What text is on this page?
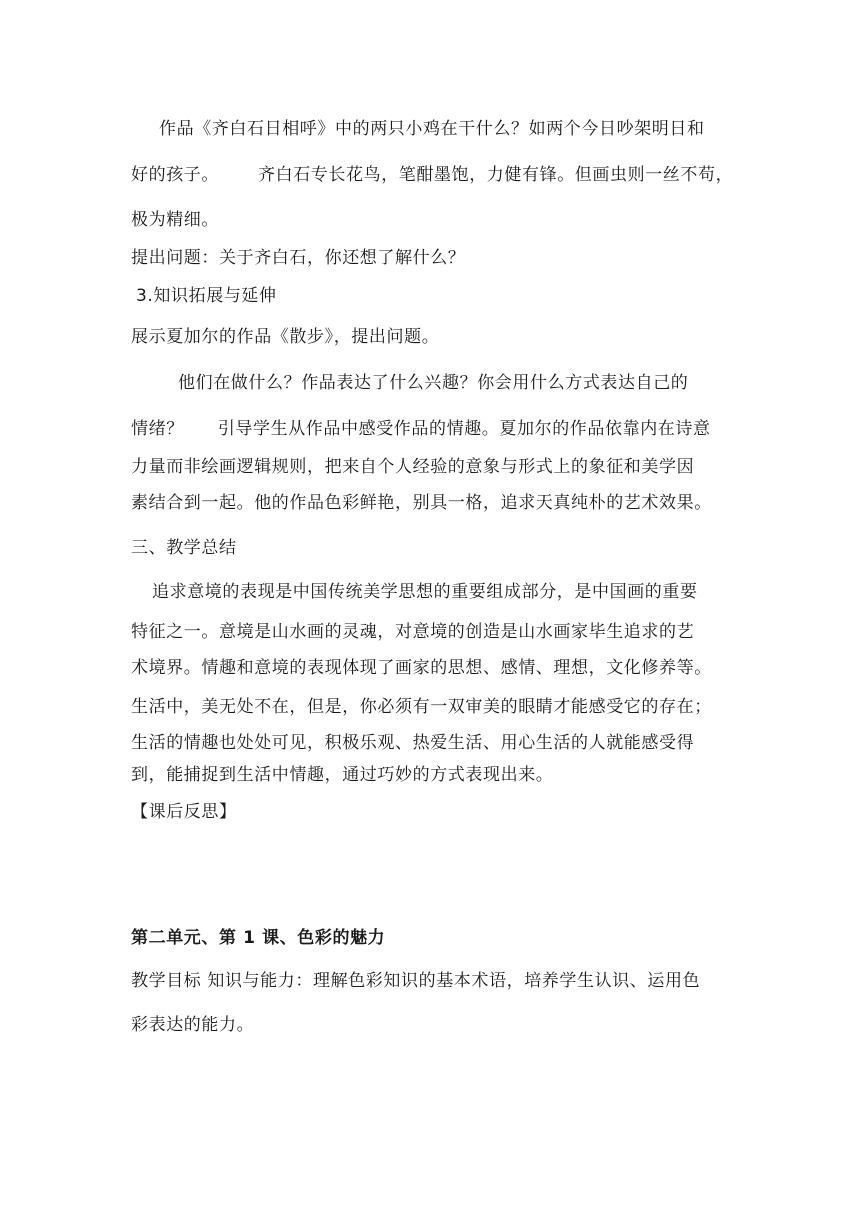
作品《齐白石日相呼》中的两只小鸡在干什么？如两个今日吵架明日和
好的孩子。 齐白石专长花鸟，笔酣墨饱，力健有锋。但画虫则一丝不苟，
极为精细。
提出问题：关于齐白石，你还想了解什么？
3.知识拓展与延伸
展示夏加尔的作品《散步》，提出问题。
他们在做什么？作品表达了什么兴趣？你会用什么方式表达自己的
情绪？ 引导学生从作品中感受作品的情趣。夏加尔的作品依靠内在诗意
力量而非绘画逻辑规则，把来自个人经验的意象与形式上的象征和美学因
素结合到一起。他的作品色彩鲜艳，别具一格，追求天真纯朴的艺术效果。
三、教学总结
追求意境的表现是中国传统美学思想的重要组成部分，是中国画的重要
特征之一。意境是山水画的灵魂，对意境的创造是山水画家毕生追求的艺
术境界。情趣和意境的表现体现了画家的思想、感情、理想，文化修养等。
生活中，美无处不在，但是，你必须有一双审美的眼睛才能感受它的存在；
生活的情趣也处处可见，积极乐观、热爱生活、用心生活的人就能感受得
到，能捕捉到生活中情趣，通过巧妙的方式表现出来。
【课后反思】
第二单元、第 1 课、色彩的魅力
教学目标 知识与能力：理解色彩知识的基本术语，培养学生认识、运用色
彩表达的能力。
